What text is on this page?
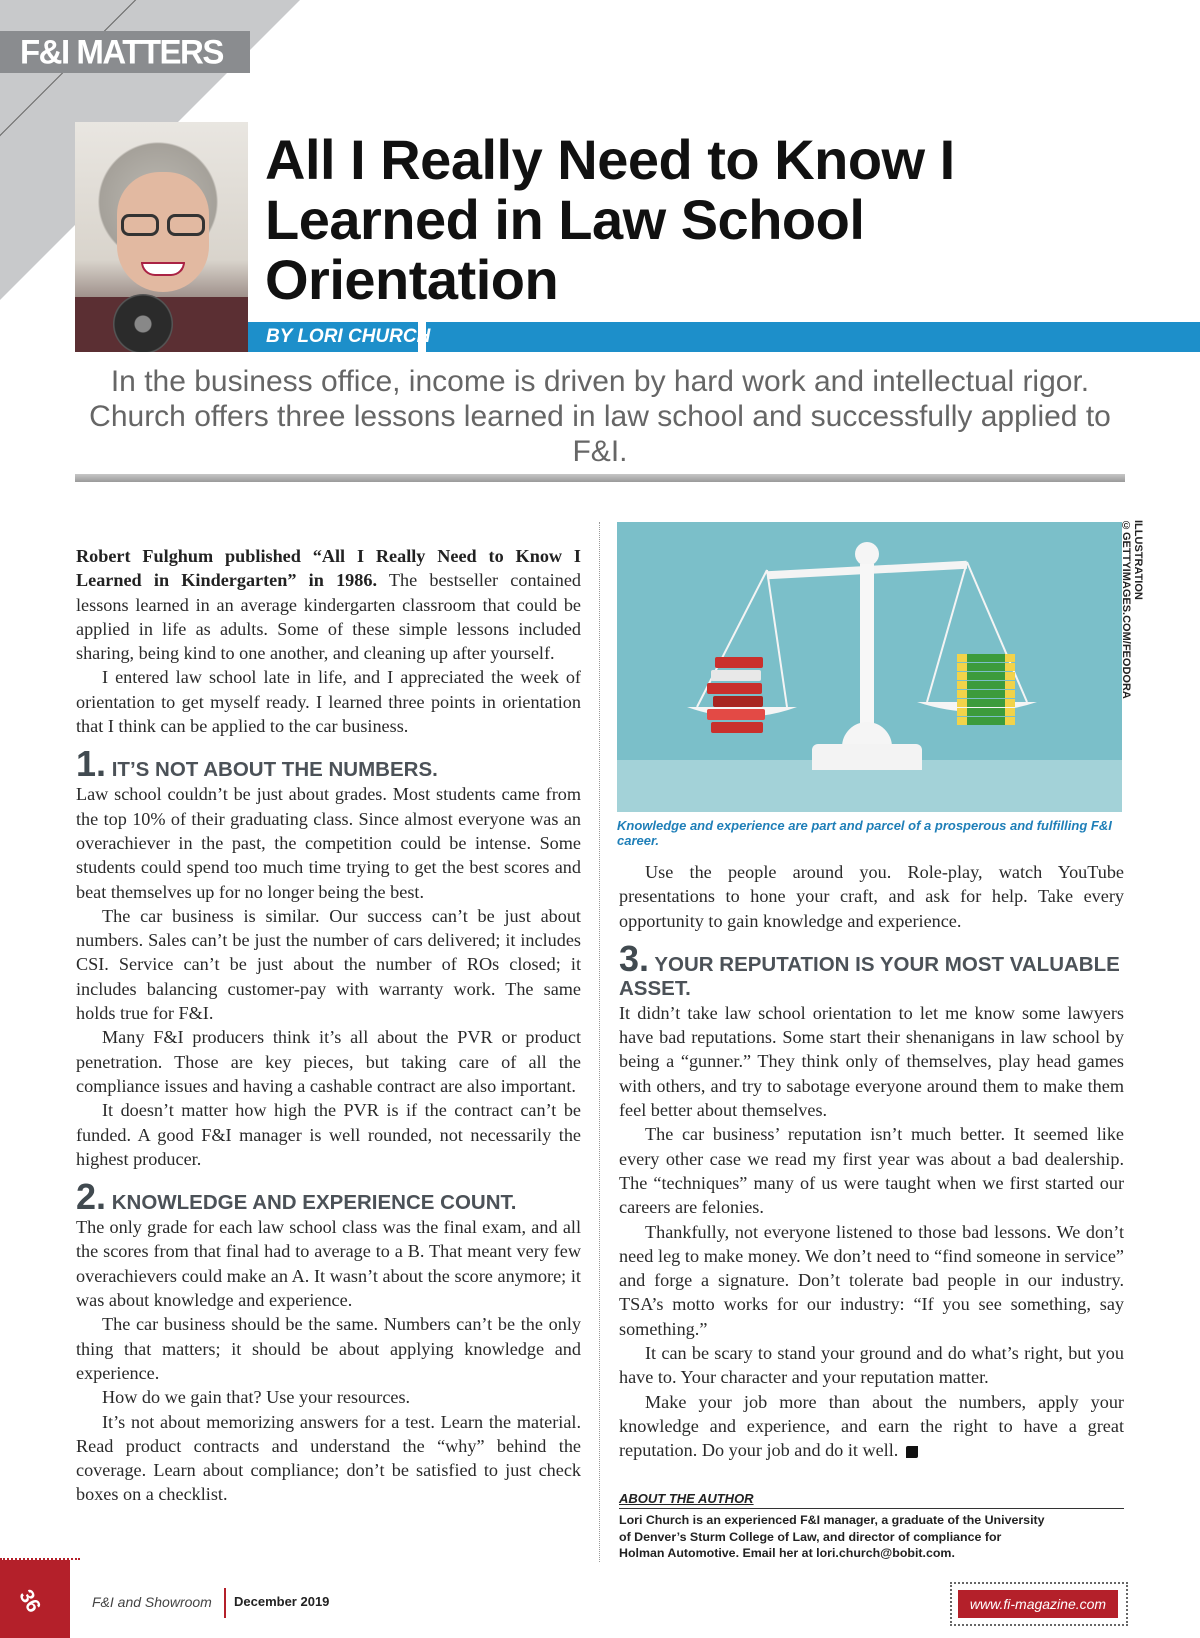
F&I MATTERS
All I Really Need to Know I Learned in Law School Orientation
BY LORI CHURCH
In the business office, income is driven by hard work and intellectual rigor. Church offers three lessons learned in law school and successfully applied to F&I.

Robert Fulghum published “All I Really Need to Know I Learned in Kindergarten” in 1986. The bestseller contained lessons learned in an average kindergarten classroom that could be applied in life as adults. Some of these simple lessons included sharing, being kind to one another, and cleaning up after yourself.

I entered law school late in life, and I appreciated the week of orientation to get myself ready. I learned three points in orientation that I think can be applied to the car business.

1. IT’S NOT ABOUT THE NUMBERS.

Law school couldn’t be just about grades. Most students came from the top 10% of their graduating class. Since almost everyone was an overachiever in the past, the competition could be intense. Some students could spend too much time trying to get the best scores and beat themselves up for no longer being the best.

The car business is similar. Our success can’t be just about numbers. Sales can’t be just the number of cars delivered; it includes CSI. Service can’t be just about the number of ROs closed; it includes balancing customer-pay with warranty work. The same holds true for F&I.

Many F&I producers think it’s all about the PVR or product penetration. Those are key pieces, but taking care of all the compliance issues and having a cashable contract are also important.

It doesn’t matter how high the PVR is if the contract can’t be funded. A good F&I manager is well rounded, not necessarily the highest producer.

2. KNOWLEDGE AND EXPERIENCE COUNT.

The only grade for each law school class was the final exam, and all the scores from that final had to average to a B. That meant very few overachievers could make an A. It wasn’t about the score anymore; it was about knowledge and experience.

The car business should be the same. Numbers can’t be the only thing that matters; it should be about applying knowledge and experience.

How do we gain that? Use your resources.

It’s not about memorizing answers for a test. Learn the material. Read product contracts and understand the “why” behind the coverage. Learn about compliance; don’t be satisfied to just check boxes on a checklist.

ILLUSTRATION ©GETTYIMAGES.COM/FEODORA
Knowledge and experience are part and parcel of a prosperous and fulfilling F&I career.

Use the people around you. Role-play, watch YouTube presentations to hone your craft, and ask for help. Take every opportunity to gain knowledge and experience.

3. YOUR REPUTATION IS YOUR MOST VALUABLE ASSET.

It didn’t take law school orientation to let me know some lawyers have bad reputations. Some start their shenanigans in law school by being a “gunner.” They think only of themselves, play head games with others, and try to sabotage everyone around them to make them feel better about themselves.

The car business’ reputation isn’t much better. It seemed like every other case we read my first year was about a bad dealership. The “techniques” many of us were taught when we first started our careers are felonies.

Thankfully, not everyone listened to those bad lessons. We don’t need leg to make money. We don’t need to “find someone in service” and forge a signature. Don’t tolerate bad people in our industry. TSA’s motto works for our industry: “If you see something, say something.”

It can be scary to stand your ground and do what’s right, but you have to. Your character and your reputation matter.

Make your job more than about the numbers, apply your knowledge and experience, and earn the right to have a great reputation. Do your job and do it well.

ABOUT THE AUTHOR
Lori Church is an experienced F&I manager, a graduate of the University of Denver’s Sturm College of Law, and director of compliance for Holman Automotive. Email her at lori.church@bobit.com.
36	F&I and Showroom December 2019	www.fi-magazine.com
